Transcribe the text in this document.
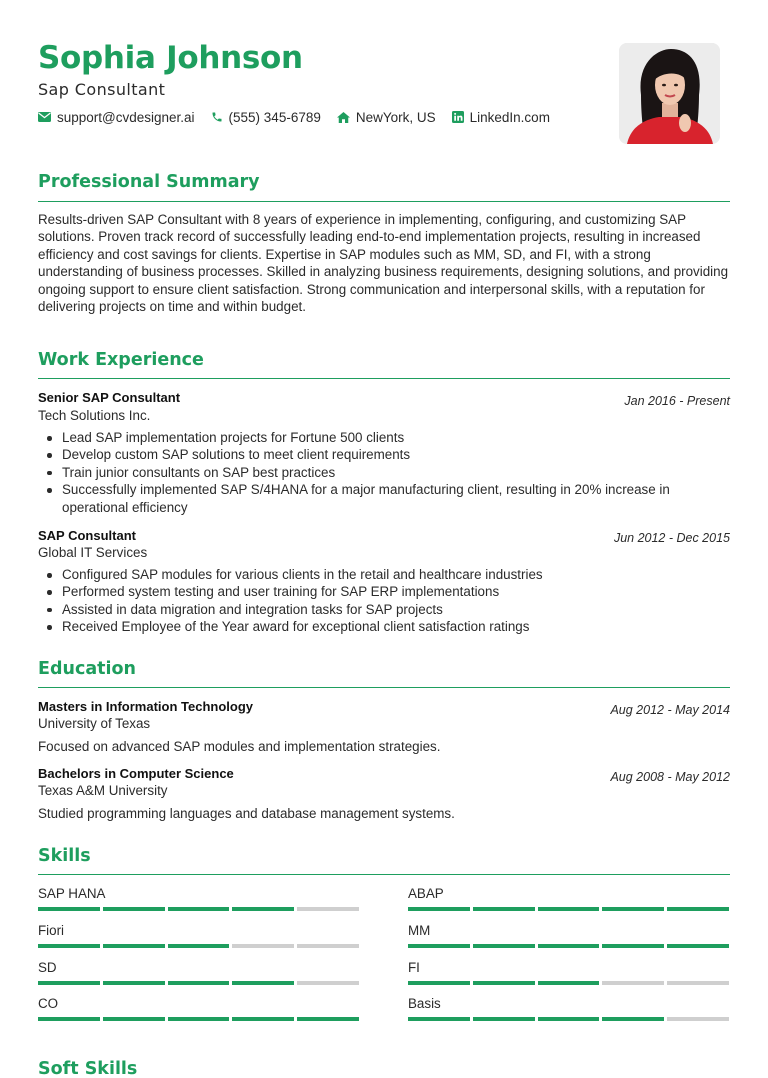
Sophia Johnson
Sap Consultant
support@cvdesigner.ai	(555) 345-6789	NewYork, US	LinkedIn.com
Professional Summary
Results-driven SAP Consultant with 8 years of experience in implementing, configuring, and customizing SAP solutions. Proven track record of successfully leading end-to-end implementation projects, resulting in increased efficiency and cost savings for clients. Expertise in SAP modules such as MM, SD, and FI, with a strong understanding of business processes. Skilled in analyzing business requirements, designing solutions, and providing ongoing support to ensure client satisfaction. Strong communication and interpersonal skills, with a reputation for delivering projects on time and within budget.
Work Experience
Senior SAP Consultant	Jan 2016 - Present
Tech Solutions Inc.
Lead SAP implementation projects for Fortune 500 clients
Develop custom SAP solutions to meet client requirements
Train junior consultants on SAP best practices
Successfully implemented SAP S/4HANA for a major manufacturing client, resulting in 20% increase in operational efficiency
SAP Consultant	Jun 2012 - Dec 2015
Global IT Services
Configured SAP modules for various clients in the retail and healthcare industries
Performed system testing and user training for SAP ERP implementations
Assisted in data migration and integration tasks for SAP projects
Received Employee of the Year award for exceptional client satisfaction ratings
Education
Masters in Information Technology	Aug 2012 - May 2014
University of Texas
Focused on advanced SAP modules and implementation strategies.
Bachelors in Computer Science	Aug 2008 - May 2012
Texas A&M University
Studied programming languages and database management systems.
Skills
SAP HANA	ABAP
Fiori	MM
SD	FI
CO	Basis
Soft Skills
